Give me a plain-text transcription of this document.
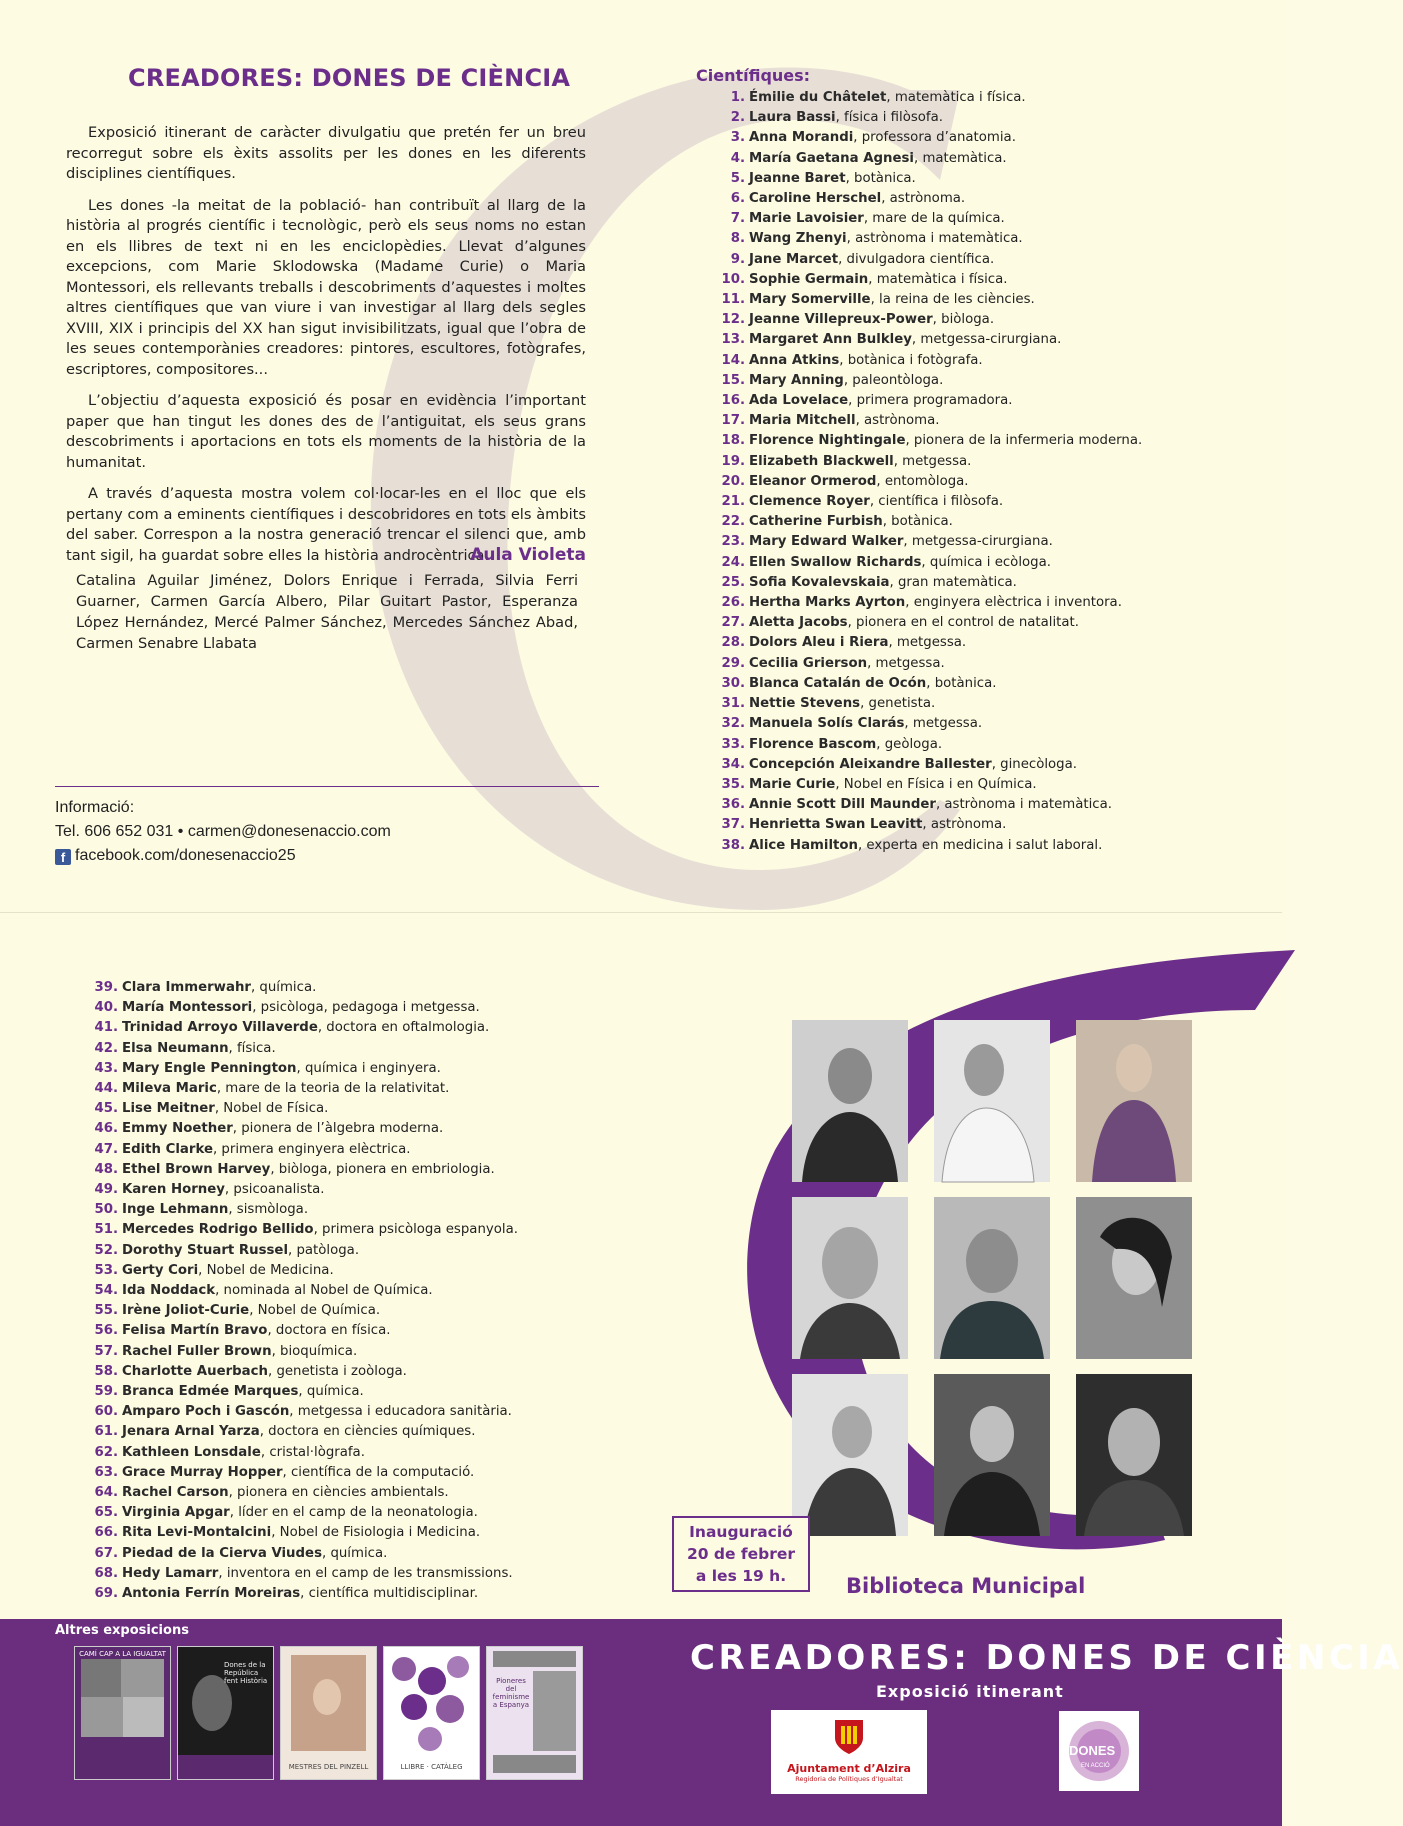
CREADORES: DONES DE CIÈNCIA

Exposició itinerant de caràcter divulgatiu que pretén fer un breu recorregut sobre els èxits assolits per les dones en les diferents disciplines científiques.

Les dones -la meitat de la població- han contribuït al llarg de la història al progrés científic i tecnològic, però els seus noms no estan en els llibres de text ni en les enciclopèdies. Llevat d’algunes excepcions, com Marie Sklodowska (Madame Curie) o Maria Montessori, els rellevants treballs i descobriments d’aquestes i moltes altres científiques que van viure i van investigar al llarg dels segles XVIII, XIX i principis del XX han sigut invisibilitzats, igual que l’obra de les seues contemporànies creadores: pintores, escultores, fotògrafes, escriptores, compositores...

L’objectiu d’aquesta exposició és posar en evidència l’important paper que han tingut les dones des de l’antiguitat, els seus grans descobriments i aportacions en tots els moments de la història de la humanitat.

A través d’aquesta mostra volem col·locar-les en el lloc que els pertany com a eminents científiques i descobridores en tots els àmbits del saber. Correspon a la nostra generació trencar el silenci que, amb tant sigil, ha guardat sobre elles la història androcèntrica.

Aula Violeta
Catalina Aguilar Jiménez, Dolors Enrique i Ferrada, Silvia Ferri Guarner, Carmen García Albero, Pilar Guitart Pastor, Esperanza López Hernández, Mercé Palmer Sánchez, Mercedes Sánchez Abad, Carmen Senabre Llabata
Informació:
Tel. 606 652 031 • carmen@donesenaccio.com
f facebook.com/donesenaccio25
Científiques:
1. Émilie du Châtelet, matemàtica i física.
2. Laura Bassi, física i filòsofa.
3. Anna Morandi, professora d’anatomia.
4. María Gaetana Agnesi, matemàtica.
5. Jeanne Baret, botànica.
6. Caroline Herschel, astrònoma.
7. Marie Lavoisier, mare de la química.
8. Wang Zhenyi, astrònoma i matemàtica.
9. Jane Marcet, divulgadora científica.
10. Sophie Germain, matemàtica i física.
11. Mary Somerville, la reina de les ciències.
12. Jeanne Villepreux-Power, biòloga.
13. Margaret Ann Bulkley, metgessa-cirurgiana.
14. Anna Atkins, botànica i fotògrafa.
15. Mary Anning, paleontòloga.
16. Ada Lovelace, primera programadora.
17. Maria Mitchell, astrònoma.
18. Florence Nightingale, pionera de la infermeria moderna.
19. Elizabeth Blackwell, metgessa.
20. Eleanor Ormerod, entomòloga.
21. Clemence Royer, científica i filòsofa.
22. Catherine Furbish, botànica.
23. Mary Edward Walker, metgessa-cirurgiana.
24. Ellen Swallow Richards, química i ecòloga.
25. Sofia Kovalevskaia, gran matemàtica.
26. Hertha Marks Ayrton, enginyera elèctrica i inventora.
27. Aletta Jacobs, pionera en el control de natalitat.
28. Dolors Aleu i Riera, metgessa.
29. Cecilia Grierson, metgessa.
30. Blanca Catalán de Ocón, botànica.
31. Nettie Stevens, genetista.
32. Manuela Solís Clarás, metgessa.
33. Florence Bascom, geòloga.
34. Concepción Aleixandre Ballester, ginecòloga.
35. Marie Curie, Nobel en Física i en Química.
36. Annie Scott Dill Maunder, astrònoma i matemàtica.
37. Henrietta Swan Leavitt, astrònoma.
38. Alice Hamilton, experta en medicina i salut laboral.
39. Clara Immerwahr, química.
40. María Montessori, psicòloga, pedagoga i metgessa.
41. Trinidad Arroyo Villaverde, doctora en oftalmologia.
42. Elsa Neumann, física.
43. Mary Engle Pennington, química i enginyera.
44. Mileva Maric, mare de la teoria de la relativitat.
45. Lise Meitner, Nobel de Física.
46. Emmy Noether, pionera de l’àlgebra moderna.
47. Edith Clarke, primera enginyera elèctrica.
48. Ethel Brown Harvey, biòloga, pionera en embriologia.
49. Karen Horney, psicoanalista.
50. Inge Lehmann, sismòloga.
51. Mercedes Rodrigo Bellido, primera psicòloga espanyola.
52. Dorothy Stuart Russel, patòloga.
53. Gerty Cori, Nobel de Medicina.
54. Ida Noddack, nominada al Nobel de Química.
55. Irène Joliot-Curie, Nobel de Química.
56. Felisa Martín Bravo, doctora en física.
57. Rachel Fuller Brown, bioquímica.
58. Charlotte Auerbach, genetista i zoòloga.
59. Branca Edmée Marques, química.
60. Amparo Poch i Gascón, metgessa i educadora sanitària.
61. Jenara Arnal Yarza, doctora en ciències químiques.
62. Kathleen Lonsdale, cristal·lògrafa.
63. Grace Murray Hopper, científica de la computació.
64. Rachel Carson, pionera en ciències ambientals.
65. Virginia Apgar, líder en el camp de la neonatologia.
66. Rita Levi-Montalcini, Nobel de Fisiologia i Medicina.
67. Piedad de la Cierva Viudes, química.
68. Hedy Lamarr, inventora en el camp de les transmissions.
69. Antonia Ferrín Moreiras, científica multidisciplinar.
Inauguració
20 de febrer
a les 19 h.	Biblioteca Municipal
Altres exposicions
CAMÍ CAP A LA IGUALTAT
Dones de la República fent Història
MESTRES DEL PINZELL	LLIBRE · CATÀLEG
Pioneres del feminisme a Espanya
CREADORES: DONES DE CIÈNCIA
Exposició itinerant
Ajuntament d’Alzira
Regidoria de Polítiques d’Igualtat
DONES
EN ACCIÓ
